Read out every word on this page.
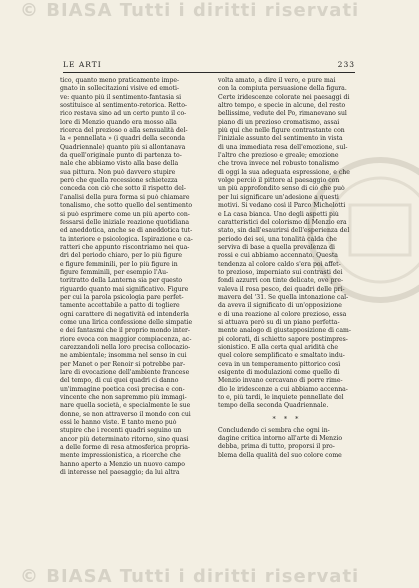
© BIASA Tutti i diritti riservati
LE ARTI	233
tico, quanto meno praticamente impe-
gnato in sollecitazioni visive ed emoti-
ve: quanto più il sentimento-fantasia si
sostituisce al sentimento-retorica. Retto-
rico restava sino ad un certo punto il co-
lore di Menzio quando era mosso alla
ricerca del prezioso o alla sensualità del-
la « pennellata » (i quadri della seconda
Quadriennale) quanto più si allontanava
da quell'originale punto di partenza to-
nale che abbiamo visto alla base della
sua pittura. Non può davvero stupire
però che quella recessione schietezza
conceda con ciò che sotto il rispetto del-
l'analisi della pura forma si può chiamare
tonalismo, che sotto quello del sentimento
si può esprimere come un più aperto con-
fessarsi delle iniziale reazione quotidiana
ed aneddotica, anche se di aneddotica tut-
ta interiore e psicologica. Ispirazione e ca-
ratteri che appunto riscontriamo nei qua-
dri del periodo chiaro, per lo più figure
e figure femminili, per lo più figure in
figure femminili, per esempio l'Au-
toritratto della Lanterna sia per questo
riguardo quanto mai significativo. Figure
per cui la parola psicologia pare perfet-
tamente accettabile a patto di togliere
ogni carattere di negatività ed intenderla
come una lirica confessione delle simpatie
e dei fantasmi che il proprio mondo inter-
riore evoca con maggior compiacenza, ac-
carezzandoli nella loro precisa collocazio-
ne ambientale; insomma nel senso in cui
per Manet o per Renoir si potrebbe par-
lare di evocazione dell'ambiente francese
del tempo, di cui quei quadri ci danno
un'immagine poetica così precisa e con-
vincente che non sapremmo più immagi-
nare quella società, e specialmente le sue
donne, se non attraverso il mondo con cui
essi le hanno viste. E tanto meno può
stupire che i recenti quadri seguino un
ancor più determinato ritorno, sino quasi
a delle forme di resa atmosferica propria-
mente impressionistica, a ricerche che
hanno aperto a Menzio un nuovo campo
di interesse nel paesaggio; da lui altra
volta amato, a dire il vero, e pure mai
con la compiuta persuasione della figura.
Certe iridescenze colorate nei paesaggi di
altro tempo, e specie in alcune, del resto
bellissime, vedute del Po, rimanevano sul
piano di un prezioso cromatismo, assai
più qui che nelle figure contrastante con
l'iniziale assunto del sentimento in vista
di una immediata resa dell'emozione, sul-
l'altro che prezioso e greale; emozione
che trova invece nel robusto tonalismo
di oggi la sua adeguata espressione, e che
volge perciò il pittore al paesaggio con
un più approfondito senso di ciò che può
per lui significare un'adesione a questi
motivi. Si vedano così il Parco Michelotti
e La casa bianca. Uno degli aspetti più
caratteristici del colorismo di Menzio era
stato, sin dall'esaurirsi dell'esperienza del
periodo dei sei, una tonalità calda che
serviva di base a quella prevalenza di
rossi e cui abbiamo accennato. Questa
tendenza al colore caldo s'era poi affet-
to prezioso, imperniato sui contrasti dei
fondi azzurri con tinte delicate, ove pre-
valeva il rosa pesco, dei quadri delle pri-
mavera del '31. Se quella intonazione cal-
da aveva il significato di un'opposizione
e di una reazione al colore prezioso, essa
si attuava però su di un piano perfetta-
mente analogo di giustapposizione di cam-
pi colorati, di schietto sapore postimpres-
sionistico. E alla certa qual aridità che
quel colore semplificato e smaltato indu-
ceva in un temperamento pittorico così
esigente di modulazioni come quello di
Menzio invano cercavano di porre rime-
dio le iridescenze a cui abbiamo accenna-
to e, più tardi, le inquiete pennellate del
tempo della seconda Quadriennale.
* * *
Concludendo ci sembra che ogni in-
dagine critica intorno all'arte di Menzio
debba, prima di tutto, proporsi il pro-
blema della qualità del suo colore come
© BIASA Tutti i diritti riservati
